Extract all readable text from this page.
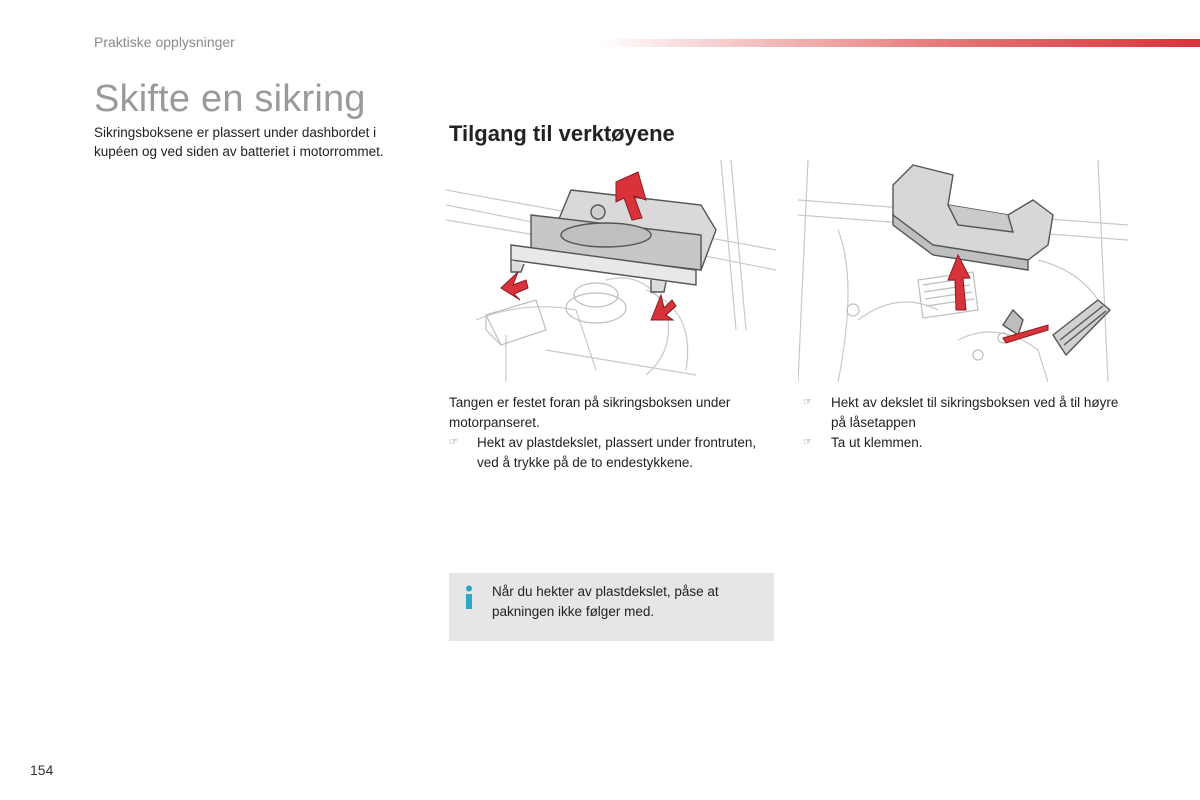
Praktiske opplysninger
Skifte en sikring
Sikringsboksene er plassert under dashbordet i kupéen og ved siden av batteriet i motorrommet.
Tilgang til verktøyene
Tangen er festet foran på sikringsboksen under motorpanseret.
☞ Hekt av plastdekslet, plassert under frontruten, ved å trykke på de to endestykkene.
☞ Hekt av dekslet til sikringsboksen ved å til høyre på låsetappen
☞ Ta ut klemmen.
Når du hekter av plastdekslet, påse at pakningen ikke følger med.
154
